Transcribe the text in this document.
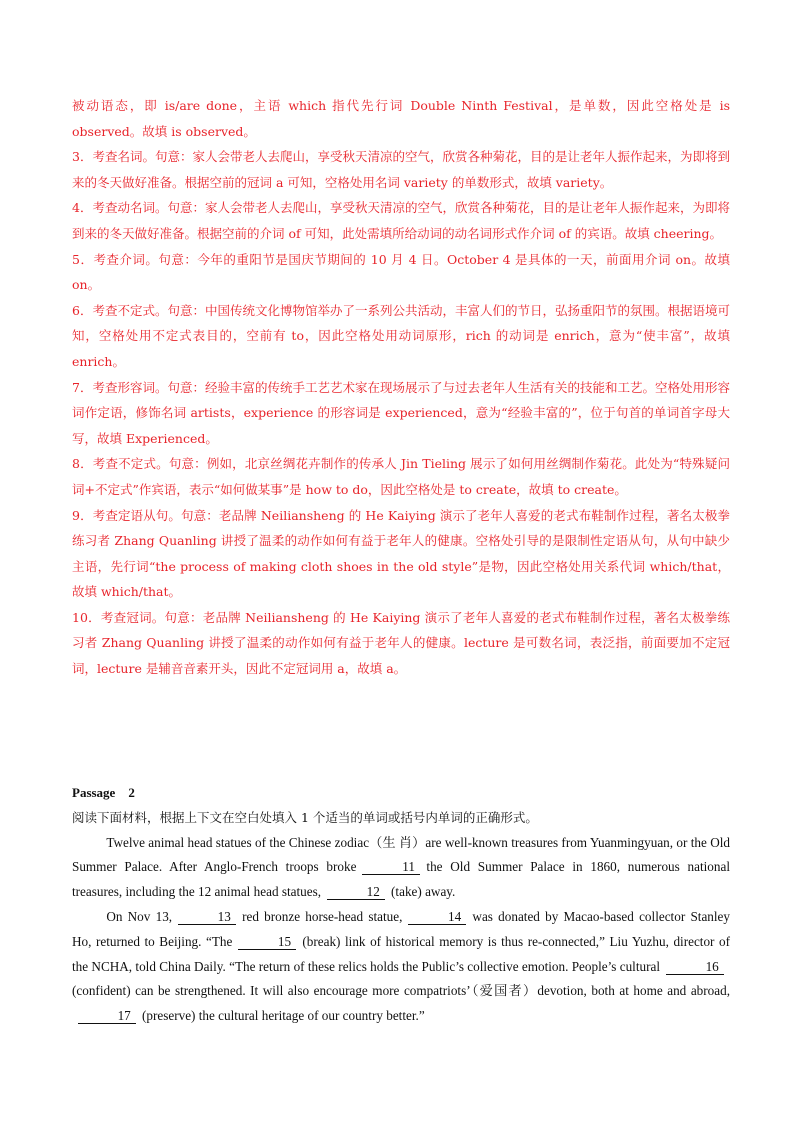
被动语态，即 is/are done，主语 which 指代先行词 Double Ninth Festival，是单数，因此空格处是 is observed。故填 is observed。

3．考查名词。句意：家人会带老人去爬山，享受秋天清凉的空气，欣赏各种菊花，目的是让老年人振作起来，为即将到来的冬天做好准备。根据空前的冠词 a 可知，空格处用名词 variety 的单数形式，故填 variety。

4．考查动名词。句意：家人会带老人去爬山，享受秋天清凉的空气，欣赏各种菊花，目的是让老年人振作起来，为即将到来的冬天做好准备。根据空前的介词 of 可知，此处需填所给动词的动名词形式作介词 of 的宾语。故填 cheering。

5．考查介词。句意：今年的重阳节是国庆节期间的 10 月 4 日。October 4 是具体的一天，前面用介词 on。故填 on。

6．考查不定式。句意：中国传统文化博物馆举办了一系列公共活动，丰富人们的节日，弘扬重阳节的氛围。根据语境可知，空格处用不定式表目的，空前有 to，因此空格处用动词原形，rich 的动词是 enrich，意为“使丰富”，故填 enrich。

7．考查形容词。句意：经验丰富的传统手工艺艺术家在现场展示了与过去老年人生活有关的技能和工艺。空格处用形容词作定语，修饰名词 artists，experience 的形容词是 experienced，意为“经验丰富的”，位于句首的单词首字母大写，故填 Experienced。

8．考查不定式。句意：例如，北京丝绸花卉制作的传承人 Jin Tieling 展示了如何用丝绸制作菊花。此处为“特殊疑问词+不定式”作宾语，表示“如何做某事”是 how to do，因此空格处是 to create，故填 to create。

9．考查定语从句。句意：老品牌 Neiliansheng 的 He Kaiying 演示了老年人喜爱的老式布鞋制作过程，著名太极拳练习者 Zhang Quanling 讲授了温柔的动作如何有益于老年人的健康。空格处引导的是限制性定语从句，从句中缺少主语，先行词“the process of making cloth shoes in the old style”是物，因此空格处用关系代词 which/that，故填 which/that。

10．考查冠词。句意：老品牌 Neiliansheng 的 He Kaiying 演示了老年人喜爱的老式布鞋制作过程，著名太极拳练习者 Zhang Quanling 讲授了温柔的动作如何有益于老年人的健康。lecture 是可数名词，表泛指，前面要加不定冠词，lecture 是辅音音素开头，因此不定冠词用 a，故填 a。

Passage　2

阅读下面材料，根据上下文在空白处填入 1 个适当的单词或括号内单词的正确形式。

Twelve animal head statues of the Chinese zodiac（生 肖）are well-known treasures from Yuanmingyuan, or the Old Summer Palace. After Anglo-French troops broke	11 the Old Summer Palace in 1860, numerous national treasures, including the 12 animal head statues,	12 (take) away.

On Nov 13,	13 red bronze horse-head statue,	14 was donated by Macao-based collector Stanley Ho, returned to Beijing. “The	15 (break) link of historical memory is thus re-connected,” Liu Yuzhu, director of the NCHA, told China Daily. “The return of these relics holds the Public’s collective emotion. People’s cultural	16(confident) can be strengthened. It will also encourage more compatriots’（爱国者）devotion, both at home and abroad,17 (preserve) the cultural heritage of our country better.”
